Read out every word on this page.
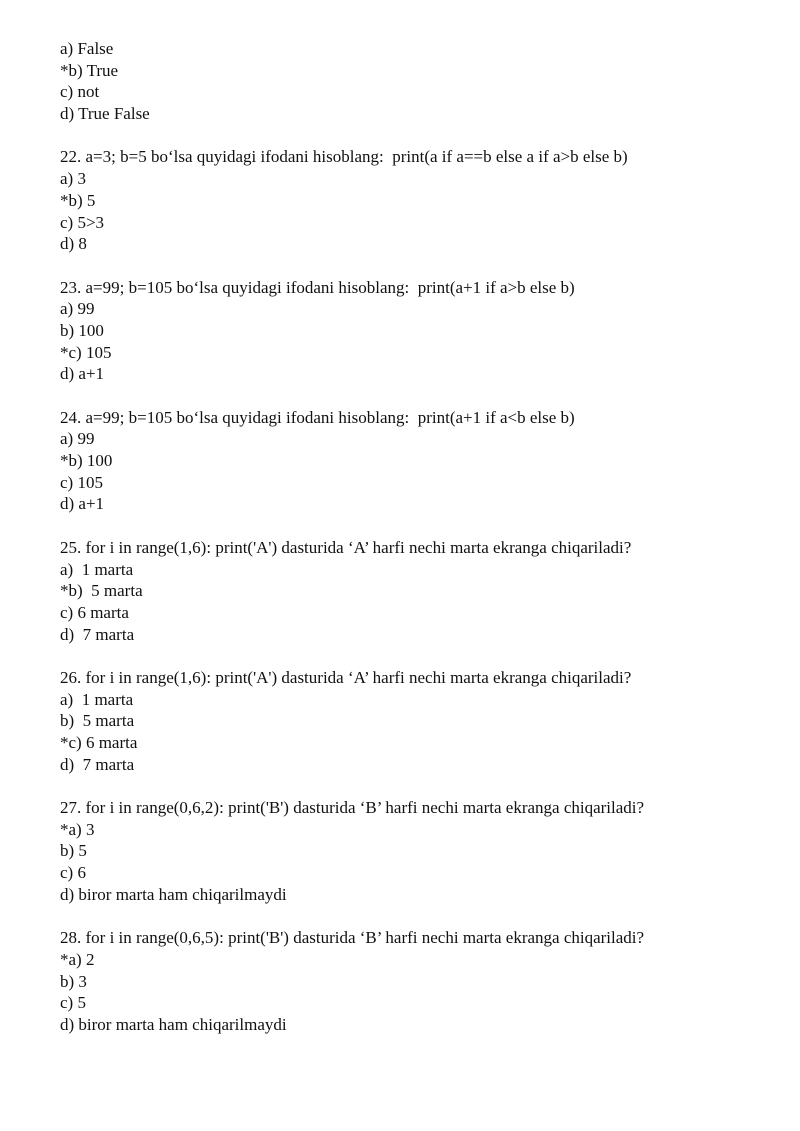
a) False
*b) True
c) not
d) True False
22. a=3; b=5 bo‘lsa quyidagi ifodani hisoblang:  print(a if a==b else a if a>b else b)
a) 3
*b) 5
c) 5>3
d) 8
23. a=99; b=105 bo‘lsa quyidagi ifodani hisoblang:  print(a+1 if a>b else b)
a) 99
b) 100
*c) 105
d) a+1
24. a=99; b=105 bo‘lsa quyidagi ifodani hisoblang:  print(a+1 if a<b else b)
a) 99
*b) 100
c) 105
d) a+1
25. for i in range(1,6): print('A') dasturida ‘A’ harfi nechi marta ekranga chiqariladi?
a)  1 marta
*b)  5 marta
c) 6 marta
d)  7 marta
26. for i in range(1,6): print('A') dasturida ‘A’ harfi nechi marta ekranga chiqariladi?
a)  1 marta
b)  5 marta
*c) 6 marta
d)  7 marta
27. for i in range(0,6,2): print('B') dasturida ‘B’ harfi nechi marta ekranga chiqariladi?
*a) 3
b) 5
c) 6
d) biror marta ham chiqarilmaydi
28. for i in range(0,6,5): print('B') dasturida ‘B’ harfi nechi marta ekranga chiqariladi?
*a) 2
b) 3
c) 5
d) biror marta ham chiqarilmaydi
